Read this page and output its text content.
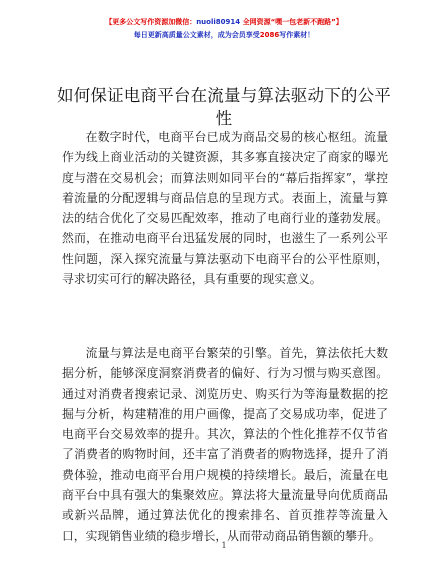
【更多公文写作资源加微信：nuoli80914 全网资源“嘿一包老新不跑路”】
每日更新高质量公文素材，成为会员享受2086写作素材！
如何保证电商平台在流量与算法驱动下的公平性

在数字时代，电商平台已成为商品交易的核心枢纽。流量作为线上商业活动的关键资源，其多寡直接决定了商家的曝光度与潜在交易机会；而算法则如同平台的“幕后指挥家”，掌控着流量的分配逻辑与商品信息的呈现方式。表面上，流量与算法的结合优化了交易匹配效率，推动了电商行业的蓬勃发展。然而，在推动电商平台迅猛发展的同时，也滋生了一系列公平性问题，深入探究流量与算法驱动下电商平台的公平性原则，寻求切实可行的解决路径，具有重要的现实意义。

流量与算法是电商平台繁荣的引擎。首先，算法依托大数据分析，能够深度洞察消费者的偏好、行为习惯与购买意图。通过对消费者搜索记录、浏览历史、购买行为等海量数据的挖掘与分析，构建精准的用户画像，提高了交易成功率，促进了电商平台交易效率的提升。其次，算法的个性化推荐不仅节省了消费者的购物时间，还丰富了消费者的购物选择，提升了消费体验，推动电商平台用户规模的持续增长。最后，流量在电商平台中具有强大的集聚效应。算法将大量流量导向优质商品或新兴品牌，通过算法优化的搜索排名、首页推荐等流量入口，实现销售业绩的稳步增长，从而带动商品销售额的攀升。

1
